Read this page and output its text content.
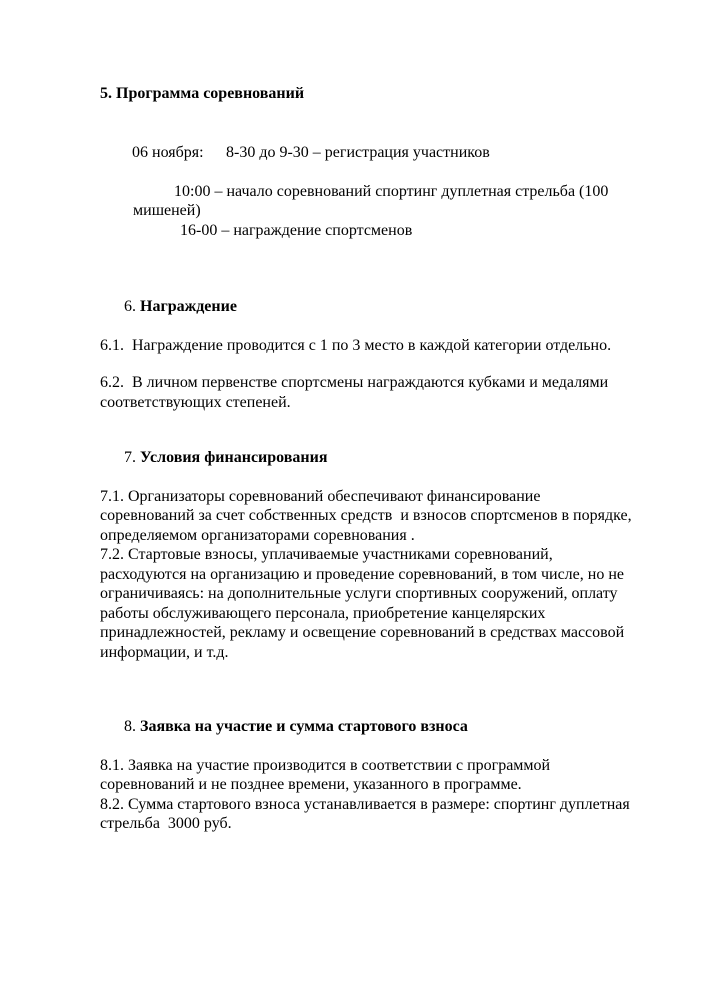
5. Программа соревнований

06 ноября: 8-30 до 9-30 – регистрация участников

10:00 – начало соревнований спортинг дуплетная стрельба (100
мишеней)
16-00 – награждение спортсменов

6. Награждение

6.1.  Награждение проводится с 1 по 3 место в каждой категории отдельно.
6.2.  В личном первенстве спортсмены награждаются кубками и медалями
соответствующих степеней.

7. Условия финансирования

7.1. Организаторы соревнований обеспечивают финансирование
соревнований за счет собственных средств  и взносов спортсменов в порядке,
определяемом организаторами соревнования .
7.2. Стартовые взносы, уплачиваемые участниками соревнований,
расходуются на организацию и проведение соревнований, в том числе, но не
ограничиваясь: на дополнительные услуги спортивных сооружений, оплату
работы обслуживающего персонала, приобретение канцелярских
принадлежностей, рекламу и освещение соревнований в средствах массовой
информации, и т.д.

8. Заявка на участие и сумма стартового взноса

8.1. Заявка на участие производится в соответствии с программой
соревнований и не позднее времени, указанного в программе.
8.2. Сумма стартового взноса устанавливается в размере: спортинг дуплетная
стрельба  3000 руб.
